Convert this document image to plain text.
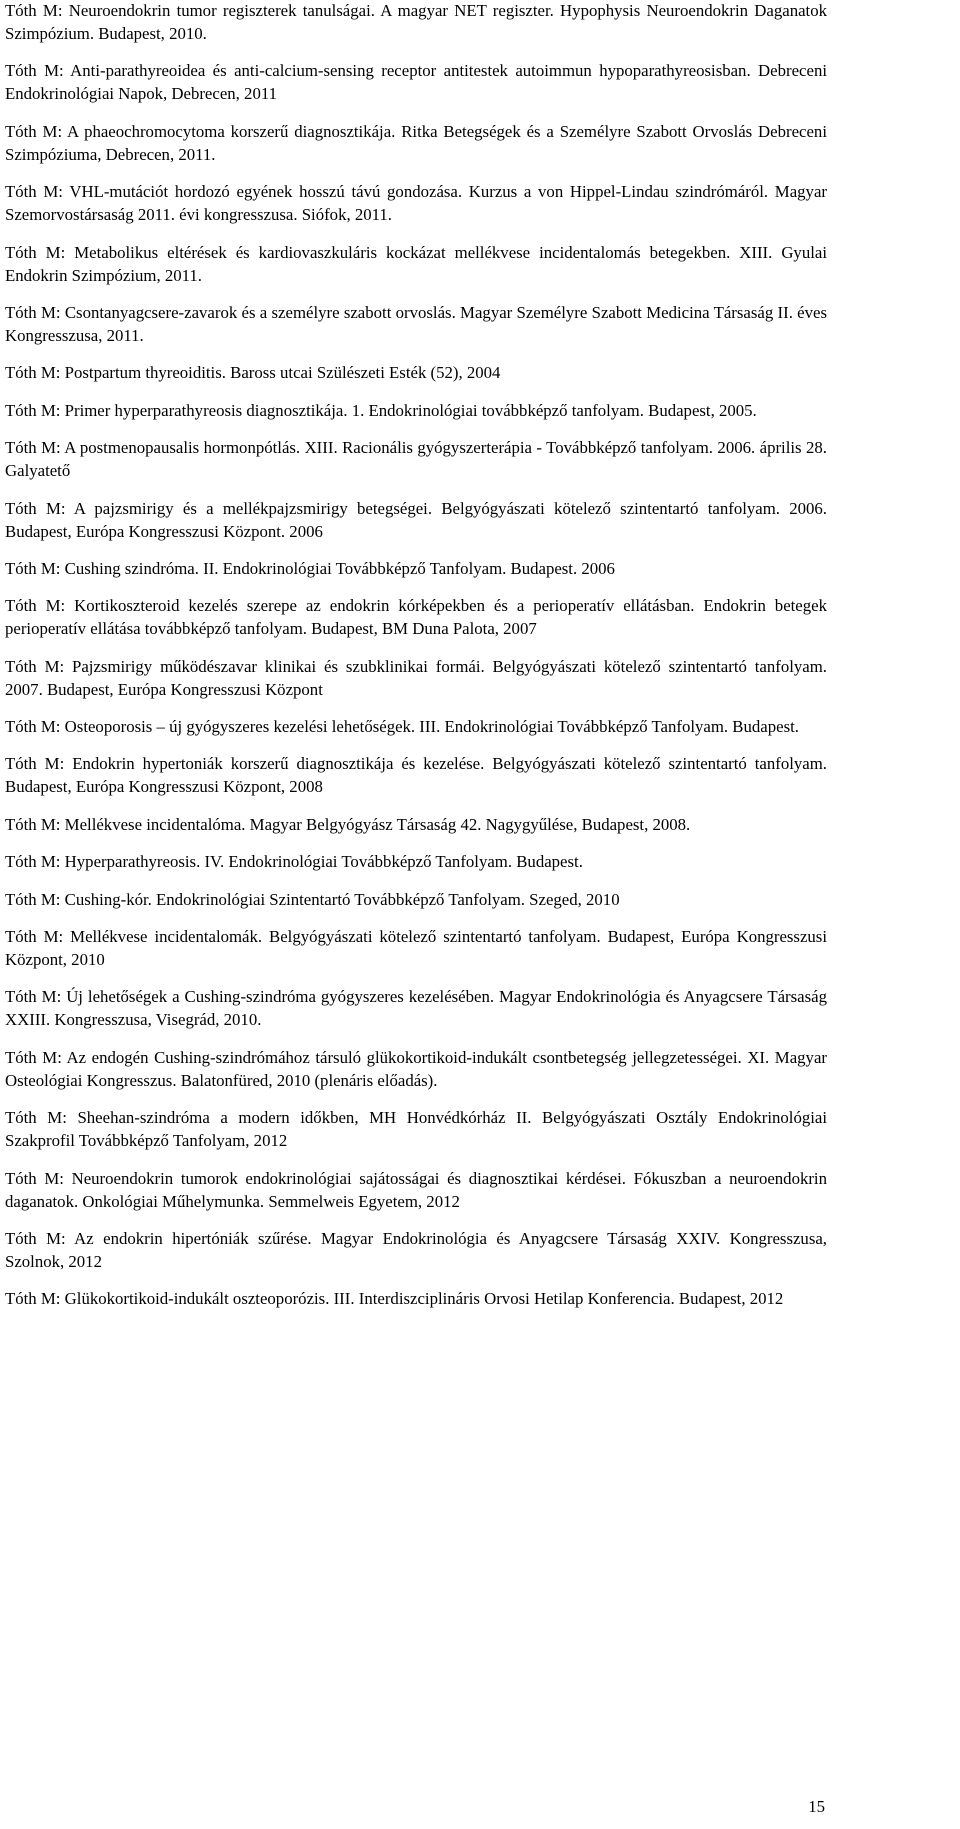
Tóth M: Neuroendokrin tumor regiszterek tanulságai. A magyar NET regiszter. Hypophysis Neuroendokrin Daganatok Szimpózium. Budapest, 2010.

Tóth M: Anti-parathyreoidea és anti-calcium-sensing receptor antitestek autoimmun hypoparathyreosisban. Debreceni Endokrinológiai Napok, Debrecen, 2011

Tóth M: A phaeochromocytoma korszerű diagnosztikája. Ritka Betegségek és a Személyre Szabott Orvoslás Debreceni Szimpóziuma, Debrecen, 2011.

Tóth M: VHL-mutációt hordozó egyének hosszú távú gondozása. Kurzus a von Hippel-Lindau szindrómáról. Magyar Szemorvostársaság 2011. évi kongresszusa. Siófok, 2011.

Tóth M: Metabolikus eltérések és kardiovaszkuláris kockázat mellékvese incidentalomás betegekben. XIII. Gyulai Endokrin Szimpózium, 2011.

Tóth M: Csontanyagcsere-zavarok és a személyre szabott orvoslás. Magyar Személyre Szabott Medicina Társaság II. éves Kongresszusa, 2011.

Tóth M: Postpartum thyreoiditis. Baross utcai Szülészeti Esték (52), 2004

Tóth M: Primer hyperparathyreosis diagnosztikája. 1. Endokrinológiai továbbképző tanfolyam. Budapest, 2005.

Tóth M: A postmenopausalis hormonpótlás. XIII. Racionális gyógyszerterápia - Továbbképző tanfolyam. 2006. április 28. Galyatető

Tóth M: A pajzsmirigy és a mellékpajzsmirigy betegségei. Belgyógyászati kötelező szintentartó tanfolyam. 2006. Budapest, Európa Kongresszusi Központ. 2006

Tóth M: Cushing szindróma. II. Endokrinológiai Továbbképző Tanfolyam. Budapest. 2006

Tóth M: Kortikoszteroid kezelés szerepe az endokrin kórképekben és a perioperatív ellátásban. Endokrin betegek perioperatív ellátása továbbképző tanfolyam. Budapest, BM Duna Palota, 2007

Tóth M: Pajzsmirigy működészavar klinikai és szubklinikai formái. Belgyógyászati kötelező szintentartó tanfolyam. 2007. Budapest, Európa Kongresszusi Központ

Tóth M: Osteoporosis – új gyógyszeres kezelési lehetőségek. III. Endokrinológiai Továbbképző Tanfolyam. Budapest.

Tóth M: Endokrin hypertoniák korszerű diagnosztikája és kezelése. Belgyógyászati kötelező szintentartó tanfolyam. Budapest, Európa Kongresszusi Központ, 2008

Tóth M: Mellékvese incidentalóma. Magyar Belgyógyász Társaság 42. Nagygyűlése, Budapest, 2008.

Tóth M: Hyperparathyreosis. IV. Endokrinológiai Továbbképző Tanfolyam. Budapest.

Tóth M: Cushing-kór. Endokrinológiai Szintentartó Továbbképző Tanfolyam. Szeged, 2010

Tóth M: Mellékvese incidentalomák. Belgyógyászati kötelező szintentartó tanfolyam. Budapest, Európa Kongresszusi Központ, 2010

Tóth M: Új lehetőségek a Cushing-szindróma gyógyszeres kezelésében. Magyar Endokrinológia és Anyagcsere Társaság XXIII. Kongresszusa, Visegrád, 2010.

Tóth M: Az endogén Cushing-szindrómához társuló glükokortikoid-indukált csontbetegség jellegzetességei. XI. Magyar Osteológiai Kongresszus. Balatonfüred, 2010 (plenáris előadás).

Tóth M: Sheehan-szindróma a modern időkben, MH Honvédkórház II. Belgyógyászati Osztály Endokrinológiai Szakprofil Továbbképző Tanfolyam, 2012

Tóth M: Neuroendokrin tumorok endokrinológiai sajátosságai és diagnosztikai kérdései. Fókuszban a neuroendokrin daganatok. Onkológiai Műhelymunka. Semmelweis Egyetem, 2012

Tóth M: Az endokrin hipertóniák szűrése. Magyar Endokrinológia és Anyagcsere Társaság XXIV. Kongresszusa, Szolnok, 2012

Tóth M: Glükokortikoid-indukált oszteoporózis. III. Interdiszciplináris Orvosi Hetilap Konferencia. Budapest, 2012

15
